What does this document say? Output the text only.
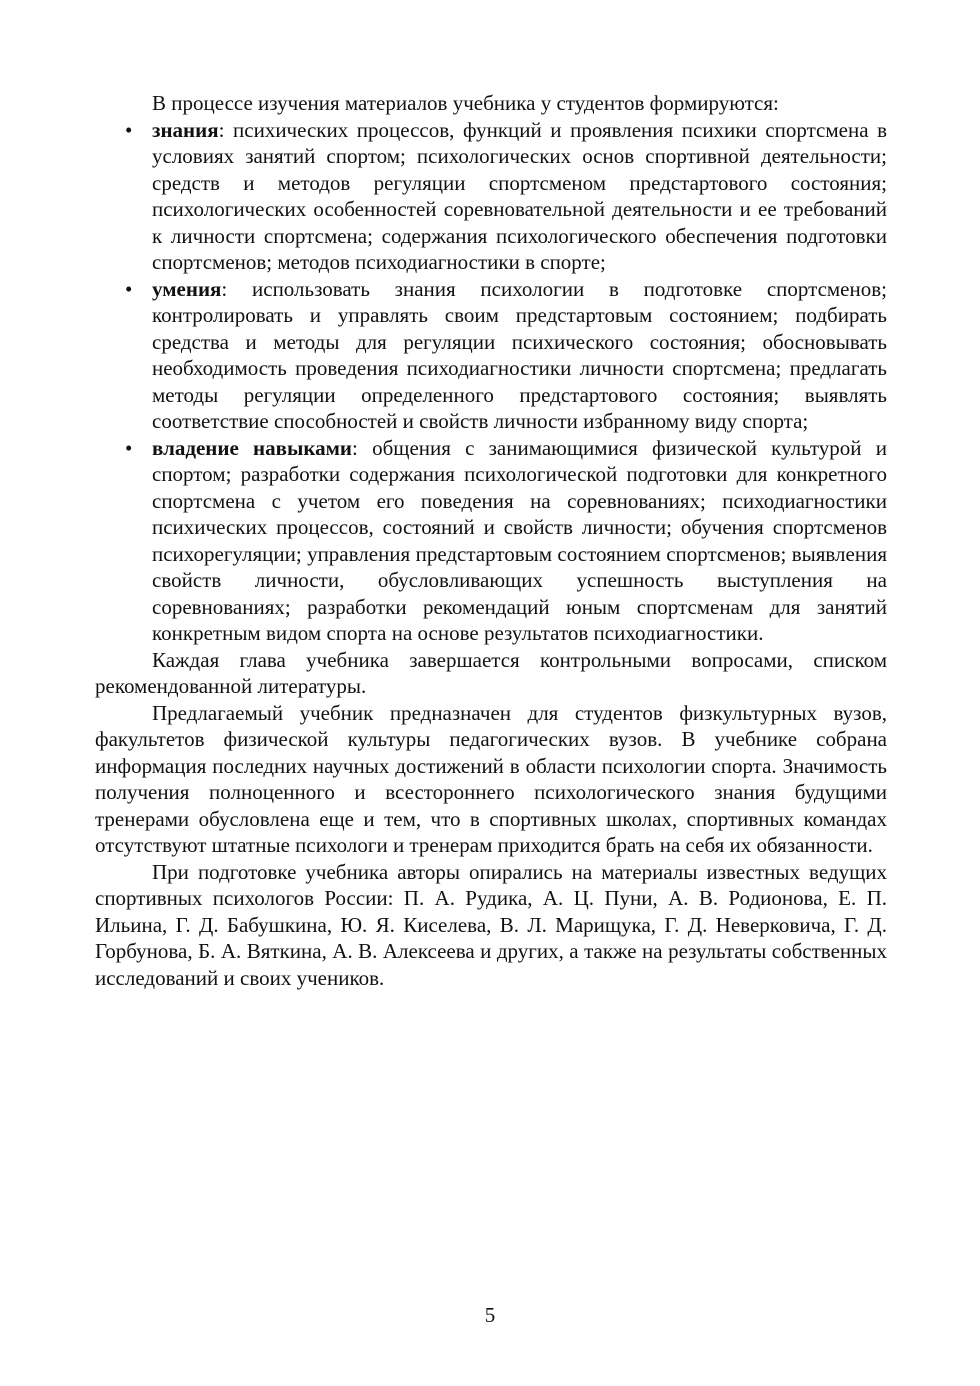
В процессе изучения материалов учебника у студентов формируются:

• знания: психических процессов, функций и проявления психики спортсмена в условиях занятий спортом; психологических основ спортивной деятельности; средств и методов регуляции спортсменом предстартового состояния; психологических особенностей соревновательной деятельности и ее требований к личности спортсмена; содержания психологического обеспечения подготовки спортсменов; методов психодиагностики в спорте;
• умения: использовать знания психологии в подготовке спортсменов; контролировать и управлять своим предстартовым состоянием; подбирать средства и методы для регуляции психического состояния; обосновывать необходимость проведения психодиагностики личности спортсмена; предлагать методы регуляции определенного предстартового состояния; выявлять соответствие способностей и свойств личности избранному виду спорта;
• владение навыками: общения с занимающимися физической культурой и спортом; разработки содержания психологической подготовки для конкретного спортсмена с учетом его поведения на соревнованиях; психодиагностики психических процессов, состояний и свойств личности; обучения спортсменов психорегуляции; управления предстартовым состоянием спортсменов; выявления свойств личности, обусловливающих успешность выступления на соревнованиях; разработки рекомендаций юным спортсменам для занятий конкретным видом спорта на основе результатов психодиагностики.

Каждая глава учебника завершается контрольными вопросами, списком рекомендованной литературы.

Предлагаемый учебник предназначен для студентов физкультурных вузов, факультетов физической культуры педагогических вузов. В учебнике собрана информация последних научных достижений в области психологии спорта. Значимость получения полноценного и всестороннего психологического знания будущими тренерами обусловлена еще и тем, что в спортивных школах, спортивных командах отсутствуют штатные психологи и тренерам приходится брать на себя их обязанности.

При подготовке учебника авторы опирались на материалы известных ведущих спортивных психологов России: П. А. Рудика, А. Ц. Пуни, А. В. Родионова, Е. П. Ильина, Г. Д. Бабушкина, Ю. Я. Киселева, В. Л. Марищука, Г. Д. Неверковича, Г. Д. Горбунова, Б. А. Вяткина, А. В. Алексеева и других, а также на результаты собственных исследований и своих учеников.

5
